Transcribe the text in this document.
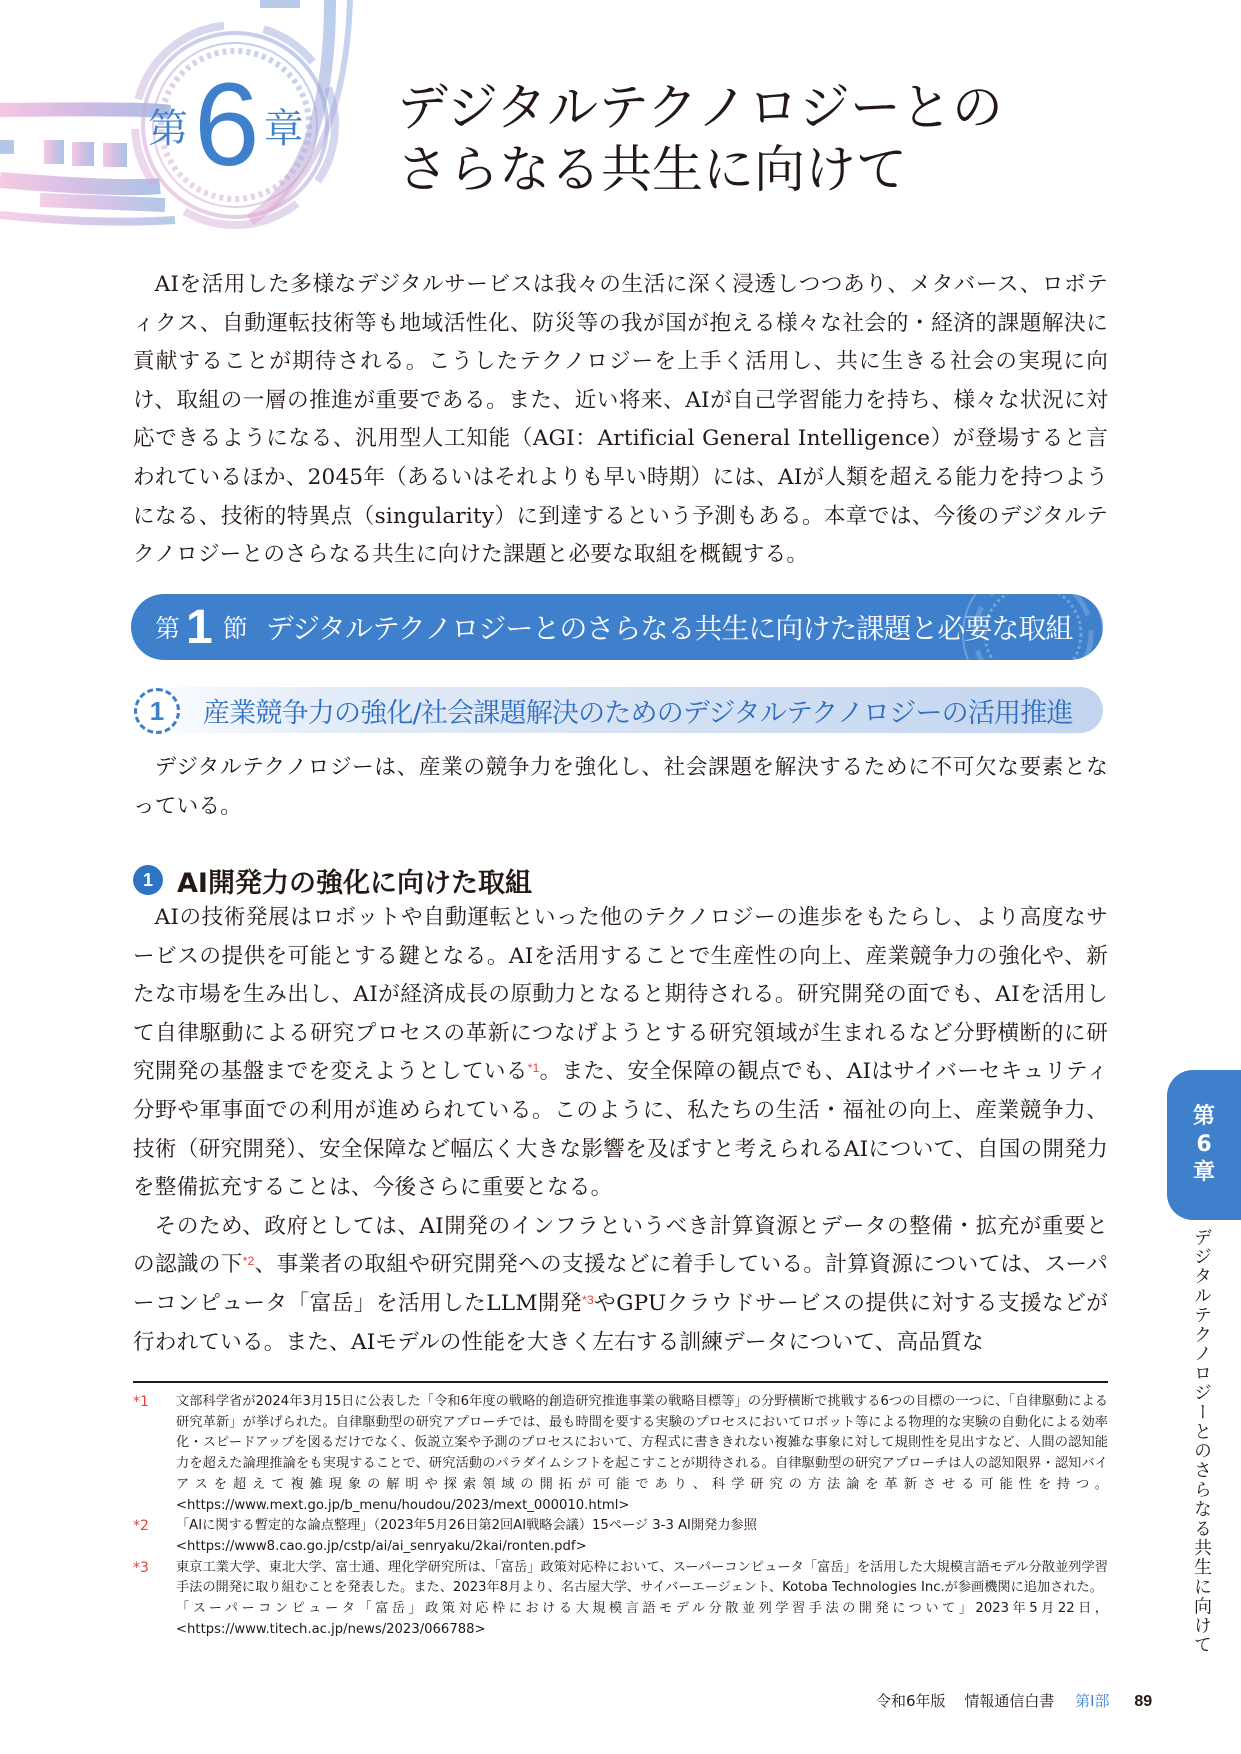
第 6 章 デジタルテクノロジーとの
さらなる共生に向けて

AIを活用した多様なデジタルサービスは我々の生活に深く浸透しつつあり、メタバース、ロボティクス、自動運転技術等も地域活性化、防災等の我が国が抱える様々な社会的・経済的課題解決に貢献することが期待される。こうしたテクノロジーを上手く活用し、共に生きる社会の実現に向け、取組の一層の推進が重要である。また、近い将来、AIが自己学習能力を持ち、様々な状況に対応できるようになる、汎用型人工知能（AGI：Artificial General Intelligence）が登場すると言われているほか、2045年（あるいはそれよりも早い時期）には、AIが人類を超える能力を持つようになる、技術的特異点（singularity）に到達するという予測もある。本章では、今後のデジタルテクノロジーとのさらなる共生に向けた課題と必要な取組を概観する。

第 1 節 デジタルテクノロジーとのさらなる共生に向けた課題と必要な取組
1	産業競争力の強化/社会課題解決のためのデジタルテクノロジーの活用推進

デジタルテクノロジーは、産業の競争力を強化し、社会課題を解決するために不可欠な要素となっている。

1 AI開発力の強化に向けた取組

AIの技術発展はロボットや自動運転といった他のテクノロジーの進歩をもたらし、より高度なサービスの提供を可能とする鍵となる。AIを活用することで生産性の向上、産業競争力の強化や、新たな市場を生み出し、AIが経済成長の原動力となると期待される。研究開発の面でも、AIを活用して自律駆動による研究プロセスの革新につなげようとする研究領域が生まれるなど分野横断的に研究開発の基盤までを変えようとしている$^{*1}$。また、安全保障の観点でも、AIはサイバーセキュリティ分野や軍事面での利用が進められている。このように、私たちの生活・福祉の向上、産業競争力、技術（研究開発）、安全保障など幅広く大きな影響を及ぼすと考えられるAIについて、自国の開発力を整備拡充することは、今後さらに重要となる。

そのため、政府としては、AI開発のインフラというべき計算資源とデータの整備・拡充が重要との認識の下$^{*2}$、事業者の取組や研究開発への支援などに着手している。計算資源については、スーパーコンピュータ「富岳」を活用したLLM開発$^{*3}$やGPUクラウドサービスの提供に対する支援などが行われている。また、AIモデルの性能を大きく左右する訓練データについて、高品質な

*1	文部科学省が2024年3月15日に公表した「令和6年度の戦略的創造研究推進事業の戦略目標等」の分野横断で挑戦する6つの目標の一つに、「自律駆動による研究革新」が挙げられた。自律駆動型の研究アプローチでは、最も時間を要する実験のプロセスにおいてロボット等による物理的な実験の自動化による効率化・スピードアップを図るだけでなく、仮説立案や予測のプロセスにおいて、方程式に書ききれない複雑な事象に対して規則性を見出すなど、人間の認知能力を超えた論理推論をも実現することで、研究活動のパラダイムシフトを起こすことが期待される。自律駆動型の研究アプローチは人の認知限界・認知バイアスを超えて複雑現象の解明や探索領域の開拓が可能であり、科学研究の方法論を革新させる可能性を持つ。<https://www.mext.go.jp/b_menu/houdou/2023/mext_000010.html>
*2	「AIに関する暫定的な論点整理」（2023年5月26日第2回AI戦略会議）15ページ 3-3 AI開発力参照
<https://www8.cao.go.jp/cstp/ai/ai_senryaku/2kai/ronten.pdf>
*3	東京工業大学、東北大学、富士通、理化学研究所は、「富岳」政策対応枠において、スーパーコンピュータ「富岳」を活用した大規模言語モデル分散並列学習手法の開発に取り組むことを発表した。また、2023年8月より、名古屋大学、サイバーエージェント、Kotoba Technologies Inc.が参画機関に追加された。
「スーパーコンピュータ「富岳」政策対応枠における大規模言語モデル分散並列学習手法の開発について」2023年5月22日，<https://www.titech.ac.jp/news/2023/066788>
第
6
章
デジタルテクノロジーとのさらなる共生に向けて
令和6年版 情報通信白書 第Ⅰ部 89
